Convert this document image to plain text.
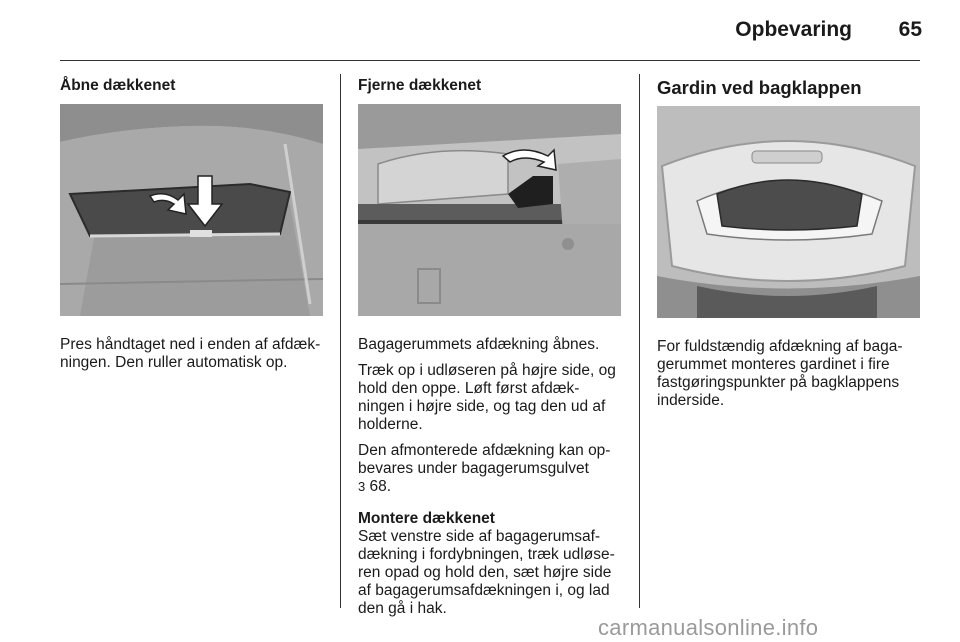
Opbevaring	65
Åbne dækkenet

Pres håndtaget ned i enden af afdæk-ningen. Den ruller automatisk op.

Fjerne dækkenet

Bagagerummets afdækning åbnes.

Træk op i udløseren på højre side, og hold den oppe. Løft først afdæk-ningen i højre side, og tag den ud af holderne.

Den afmonterede afdækning kan op-bevares under bagagerumsgulvet
3 68.

Montere dækkenet

Sæt venstre side af bagagerumsaf-dækning i fordybningen, træk udløse-ren opad og hold den, sæt højre side af bagagerumsafdækningen i, og lad den gå i hak.

Gardin ved bagklappen

For fuldstændig afdækning af baga-gerummet monteres gardinet i fire fastgøringspunkter på bagklappens inderside.

carmanualsonline.info
